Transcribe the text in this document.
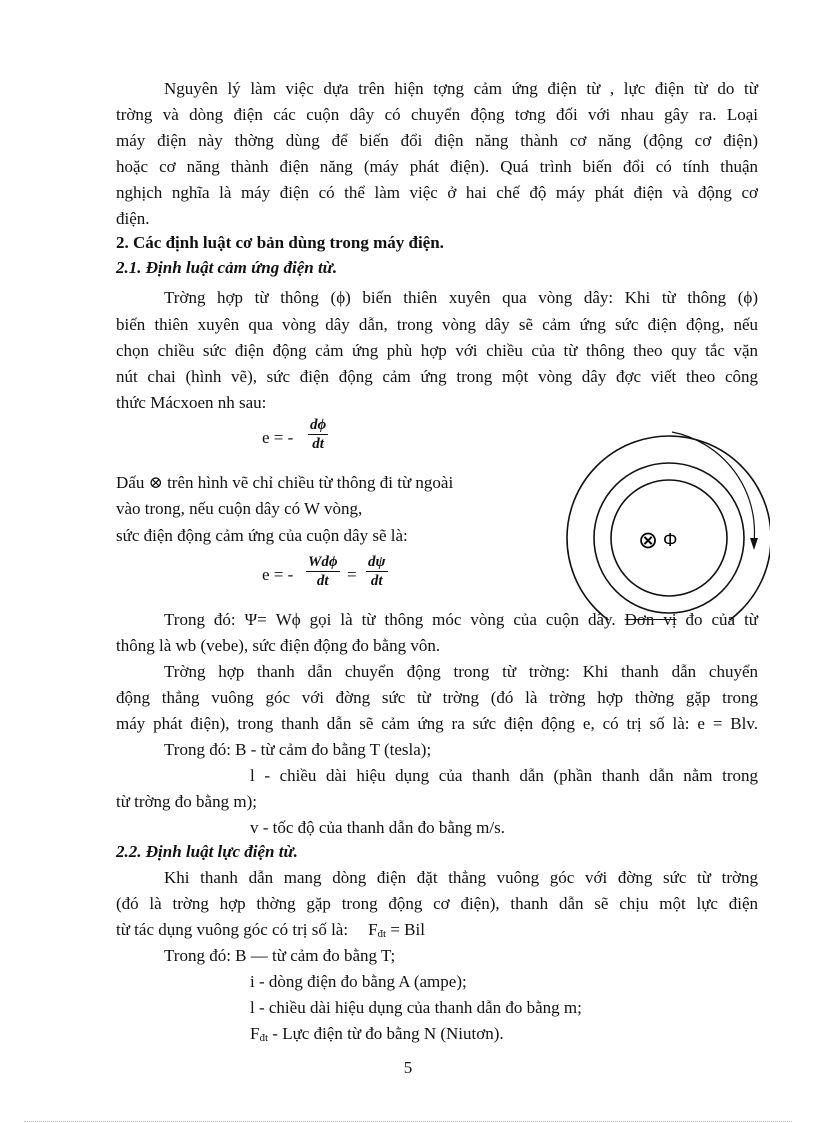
Nguyên lý làm việc dựa trên hiện tợng cảm ứng điện từ , lực điện từ do từ
trờng và dòng điện các cuộn dây có chuyển động tơng đối với nhau gây ra. Loại
máy điện này thờng dùng để biến đổi điện năng thành cơ năng (động cơ điện)
hoặc cơ năng thành điện năng (máy phát điện). Quá trình biến đổi có tính thuận
nghịch nghĩa là máy điện có thể làm việc ở hai chế độ máy phát điện và động cơ
điện.
2. Các định luật cơ bản dùng trong máy điện.
2.1. Định luật cảm ứng điện từ.
Trờng hợp từ thông (ϕ) biến thiên xuyên qua vòng dây: Khi từ thông (ϕ)
biến thiên xuyên qua vòng dây dẫn, trong vòng dây sẽ cảm ứng sức điện động, nếu
chọn chiều sức điện động cảm ứng phù hợp với chiều của từ thông theo quy tắc vặn
nút chai (hình vẽ), sức điện động cảm ứng trong một vòng dây đợc viết theo công
thức Mácxoen nh sau:
e = -
dϕ
dt
Dấu ⊗ trên hình vẽ chỉ chiều từ thông đi từ ngoài
vào trong, nếu cuộn dây có W vòng,
sức điện động cảm ứng của cuộn dây sẽ là:
e = -
Wdϕ
dt =
dψ
dt
⊗ Φ
Trong đó: Ψ= Wϕ gọi là từ thông móc vòng của cuộn dây. Đơn vị đo của từ
thông là wb (vebe), sức điện động đo bằng vôn.
Trờng hợp thanh dẫn chuyển động trong từ trờng: Khi thanh dẫn chuyển
động thẳng vuông góc với đờng sức từ trờng (đó là trờng hợp thờng gặp trong
máy phát điện), trong thanh dẫn sẽ cảm ứng ra sức điện động e, có trị số là: e = Blv.
Trong đó: B - từ cảm đo bằng T (tesla);
l - chiều dài hiệu dụng của thanh dẫn (phần thanh dẫn nằm trong
từ trờng đo bằng m);
v - tốc độ của thanh dẫn đo bằng m/s.
2.2. Định luật lực điện từ.
Khi thanh dẫn mang dòng điện đặt thẳng vuông góc với đờng sức từ trờng
(đó là trờng hợp thờng gặp trong động cơ điện), thanh dẫn sẽ chịu một lực điện
từ tác dụng vuông góc có trị số là: Fđt = Bil
Trong đó: B — từ cảm đo bằng T;
i - dòng điện đo bằng A (ampe);
l - chiều dài hiệu dụng của thanh dẫn đo bằng m;
Fđt - Lực điện từ đo bằng N (Niutơn).
5
